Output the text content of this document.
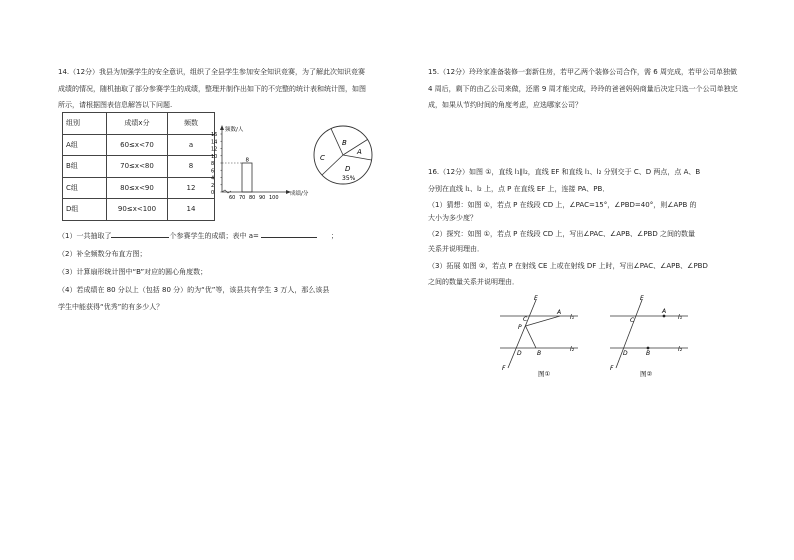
14.（12分）我县为加强学生的安全意识，组织了全县学生参加安全知识竞赛，为了解此次知识竞赛成绩的情况，随机抽取了部分参赛学生的成绩，整理并制作出如下的不完整的统计表和统计图，如图所示，请根据图表信息解答以下问题.
组别	成绩x分	频数
A组	60≤x<70	a
B组	70≤x<80	8
C组	80≤x<90	12
D组	90≤x<100	14
频数/人
16
14
12
10
8
6
4
2
0
60 70 80 90 100
8
成绩/分
B
A
C
D
35%
（1）一共抽取了	个参赛学生的成绩；表中 a=	；
（2）补全频数分布直方图；
（3）计算扇形统计图中“B”对应的圆心角度数；
（4）若成绩在 80 分以上（包括 80 分）的为“优”等，该县共有学生 3 万人，那么该县
学生中能获得“优秀”的有多少人？
15.（12分）玲玲家准备装修一套新住房，若甲乙两个装修公司合作，需 6 周完成，若甲公司单独做 4 周后，剩下的由乙公司来做，还需 9 周才能完成，玲玲的爸爸妈妈商量后决定只选一个公司单独完成，如果从节约时间的角度考虑，应选哪家公司？
16.（12分）如图 ①，直线 l₁∥l₂，直线 EF 和直线 l₁、l₂ 分别交于 C、D 两点，点 A、B
分别在直线 l₁、l₂ 上，点 P 在直线 EF 上，连接 PA、PB．
（1）猜想：如图 ①，若点 P 在线段 CD 上，∠PAC=15°，∠PBD=40°，则∠APB 的
大小为多少度？
（2）探究：如图 ①，若点 P 在线段 CD 上，写出∠PAC、∠APB、∠PBD 之间的数量
关系并说明理由．
（3）拓展 如图 ②，若点 P 在射线 CE 上或在射线 DF 上时，写出∠PAC、∠APB、∠PBD
之间的数量关系并说明理由．
E
P
C
A
l₁
D	B
l₂
F
图①
E
C
A
l₁
D	B
l₂
F
图②
